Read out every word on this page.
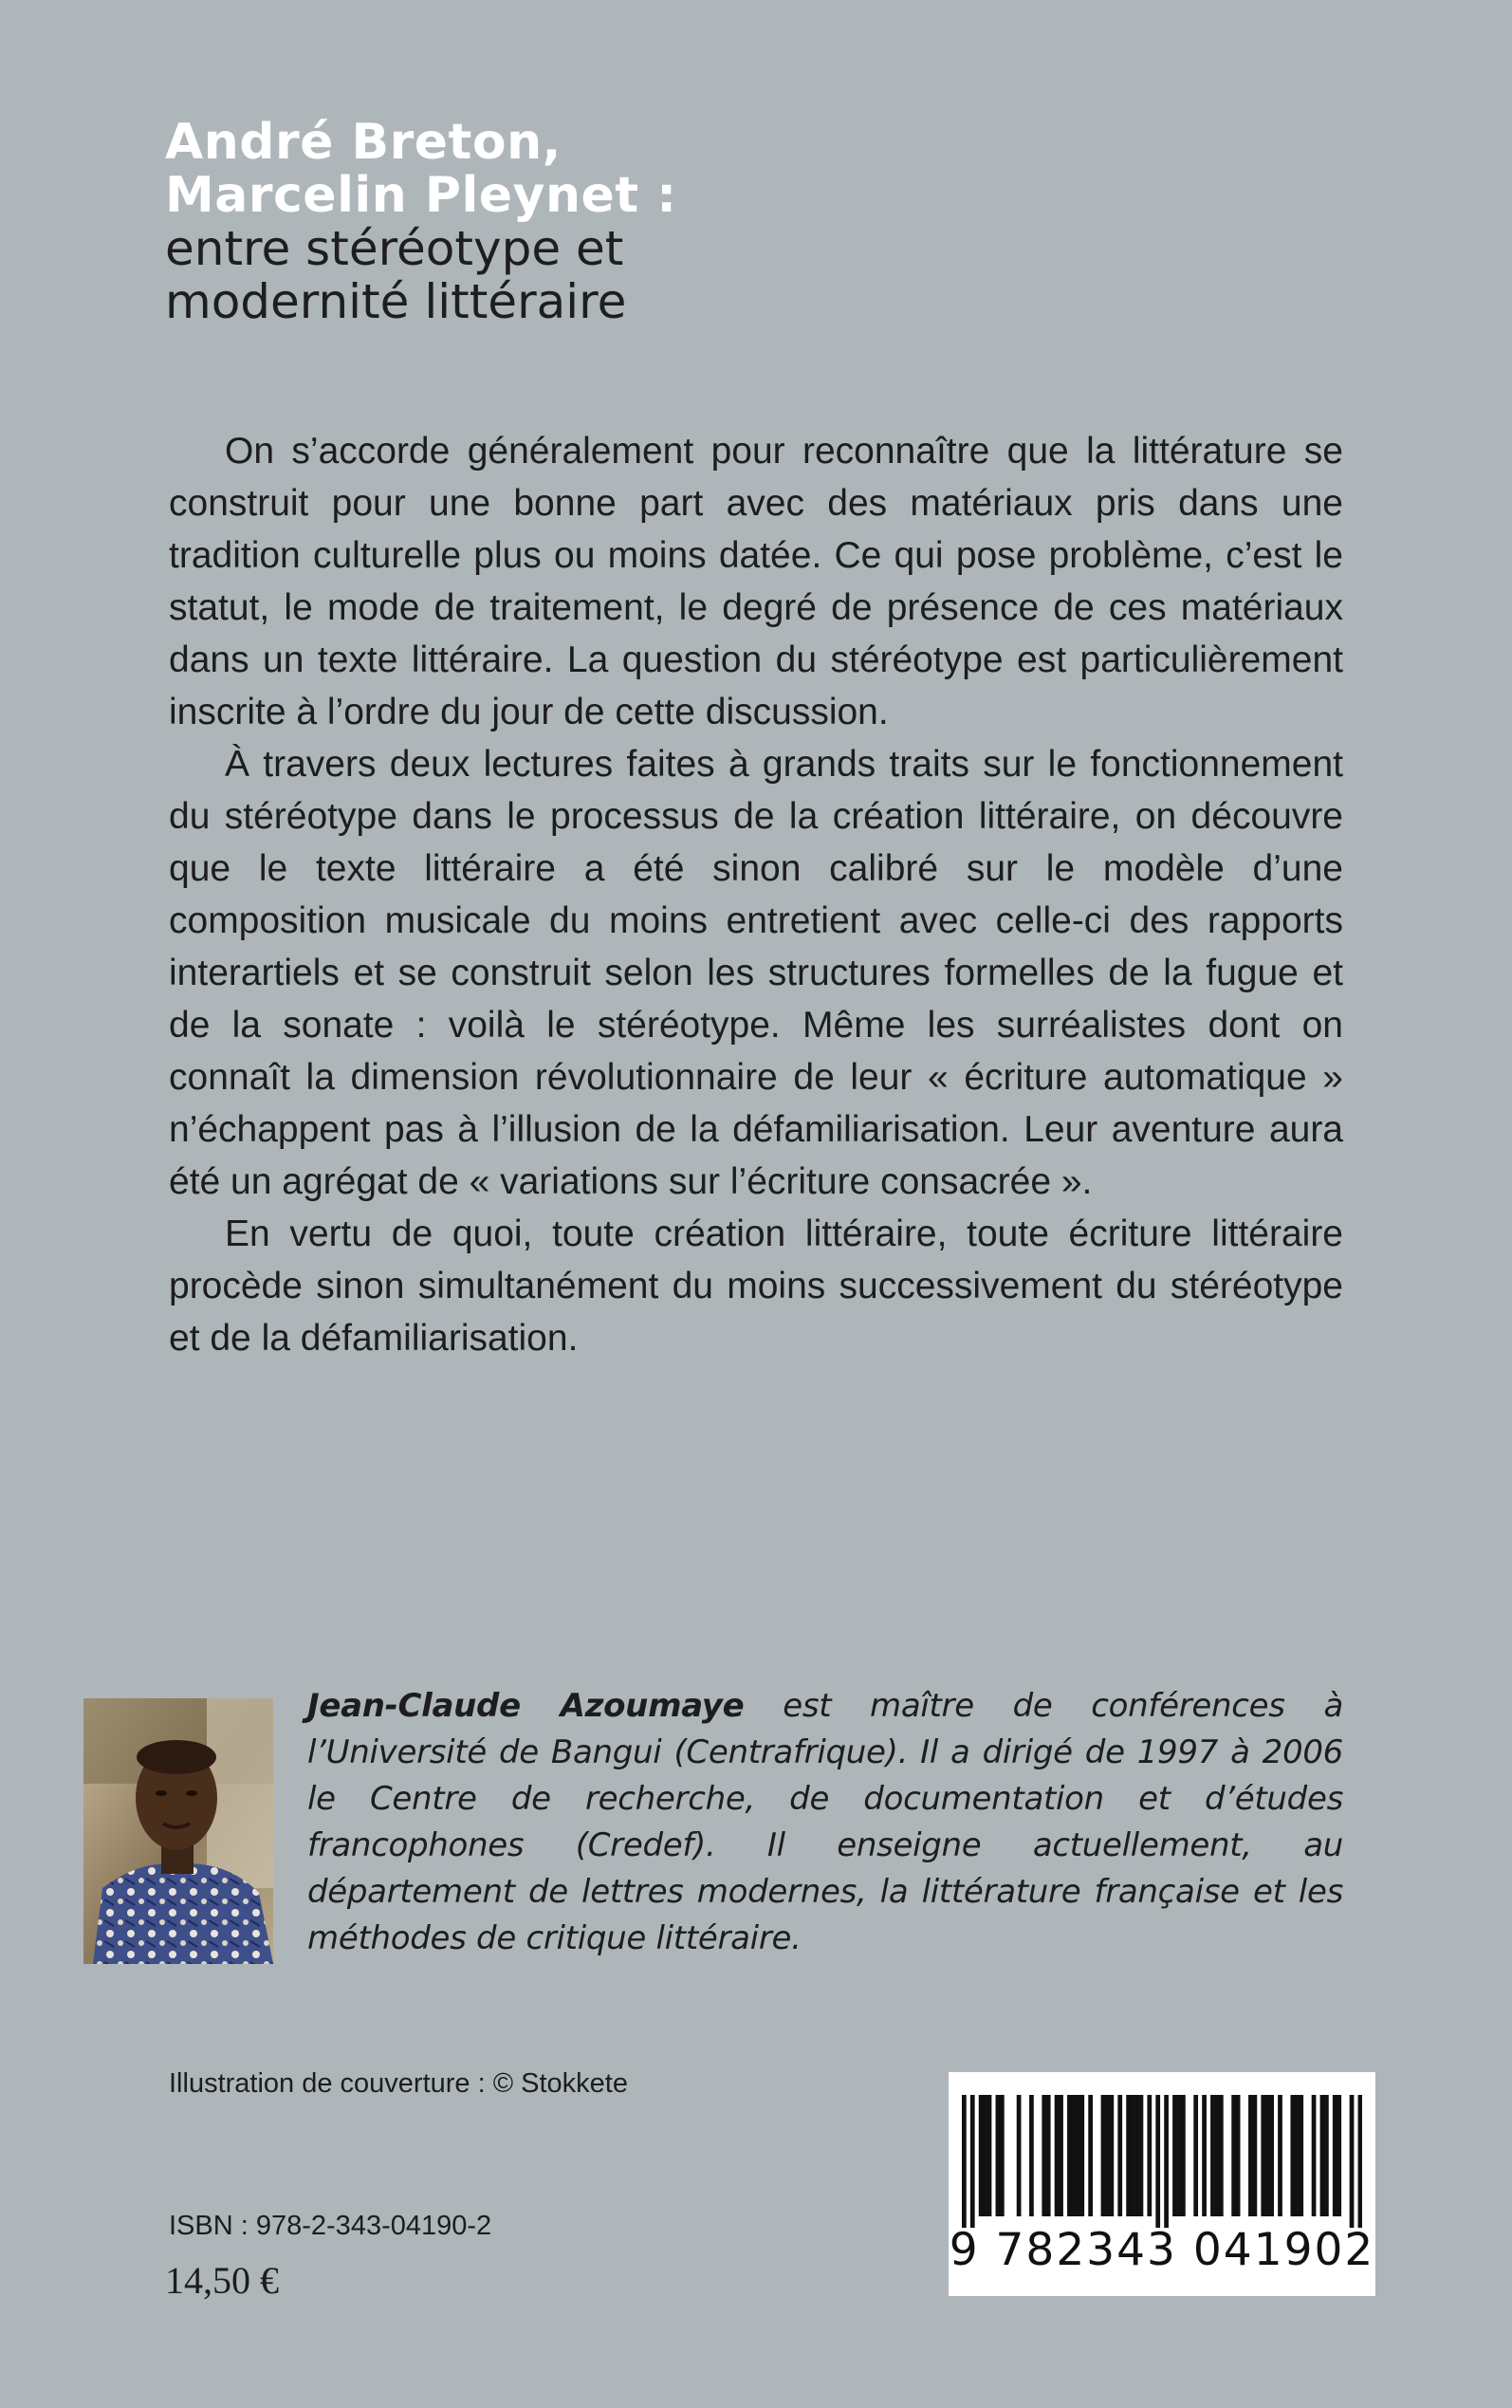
André Breton,
Marcelin Pleynet :
entre stéréotype et
modernité littéraire

On s’accorde généralement pour reconnaître que la littérature se construit pour une bonne part avec des matériaux pris dans une tradition culturelle plus ou moins datée. Ce qui pose problème, c’est le statut, le mode de traitement, le degré de présence de ces matériaux dans un texte littéraire. La question du stéréotype est particulièrement inscrite à l’ordre du jour de cette discussion.

À travers deux lectures faites à grands traits sur le fonctionnement du stéréotype dans le processus de la création littéraire, on découvre que le texte littéraire a été sinon calibré sur le modèle d’une composition musicale du moins entretient avec celle-ci des rapports interartiels et se construit selon les structures formelles de la fugue et de la sonate : voilà le stéréotype. Même les surréalistes dont on connaît la dimension révolutionnaire de leur « écriture automatique » n’échappent pas à l’illusion de la défamiliarisation. Leur aventure aura été un agrégat de « variations sur l’écriture consacrée ».

En vertu de quoi, toute création littéraire, toute écriture littéraire procède sinon simultanément du moins successivement du stéréotype et de la défamiliarisation.

Jean-Claude Azoumaye est maître de conférences à l’Université de Bangui (Centrafrique). Il a dirigé de 1997 à 2006 le Centre de recherche, de documentation et d’études francophones (Credef). Il enseigne actuellement, au département de lettres modernes, la littérature française et les méthodes de critique littéraire.
Illustration de couverture : © Stokkete
ISBN : 978-2-343-04190-2
14,50 €
9 782343 041902
